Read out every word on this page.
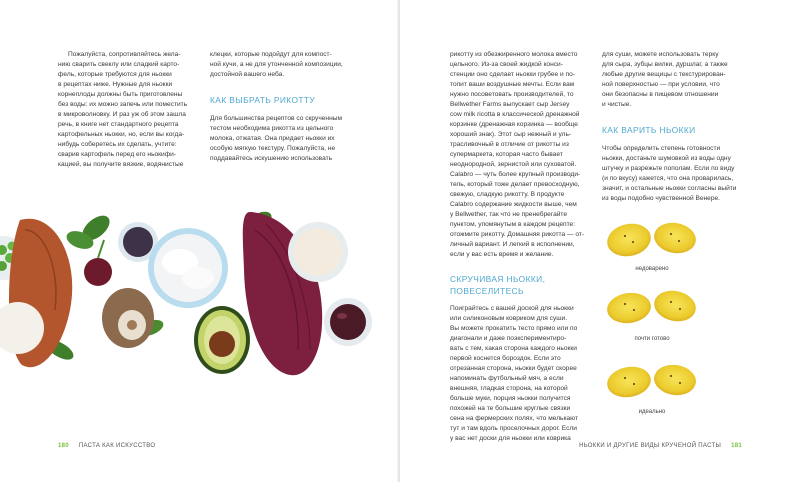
Пожалуйста, сопротивляйтесь жела-

нию сварить свеклу или сладкий карто-

фель, которые требуются для ньокки

в рецептах ниже. Нужные для ньокки

корнеплоды должны быть приготовлены

без воды: их можно запечь или поместить

в микроволновку. И раз уж об этом зашла

речь, в книге нет стандартного рецепта

картофельных ньокки, но, если вы когда-

нибудь соберетесь их сделать, учтите:

сварив картофель перед его ньокифи-

кацией, вы получите вязкие, водянистые

клецки, которые подойдут для компост-

ной кучи, а не для утонченной композиции,

достойной вашего неба.

КАК ВЫБРАТЬ РИКОТТУ

Для большинства рецептов со скрученным

тестом необходима рикотта из цельного

молока, отжатая. Она придает ньокки их

особую мягкую текстуру. Пожалуйста, не

поддавайтесь искушению использовать

180 ПАСТА КАК ИСКУССТВО

рикотту из обезжиренного молока вместо

цельного. Из-за своей жидкой конси-

стенции оно сделает ньокки грубее и по-

топит ваши воздушные мечты. Если вам

нужно посоветовать производителей, то

Bellwether Farms выпускает сыр Jersey

cow milk ricotta в классической дренажной

корзинке (дренажная корзинка — вообще

хороший знак). Этот сыр нежный и уль-

трасливочный в отличие от рикотты из

супермаркета, которая часто бывает

неоднородной, зернистой или суховатой.

Calabro — чуть более крупный производи-

тель, который тоже делает превосходную,

свежую, сладкую рикотту. В продукте

Calabro содержание жидкости выше, чем

у Bellwether, так что не пренебрегайте

пунктом, упомянутым в каждом рецепте:

отожмите рикотту. Домашняя рикотта — от-

личный вариант. И легкий в исполнении,

если у вас есть время и желание.

СКРУЧИВАЯ НЬОККИ,
ПОВЕСЕЛИТЕСЬ

Поиграйтесь с вашей доской для ньокки

или силиконовым ковриком для суши.

Вы можете прокатить тесто прямо или по

диагонали и даже поэкспериментиро-

вать с тем, какая сторона каждого ньокки

первой коснется бороздок. Если это

отрезанная сторона, ньокки будет скорее

напоминать футбольный мяч, а если

внешняя, гладкая сторона, на которой

больше муки, порция ньокки получится

похожей на те большие круглые связки

сена на фермерских полях, что мелькают

тут и там вдоль проселочных дорог. Если

у вас нет доски для ньокки или коврика

для суши, можете использовать терку

для сыра, зубцы вилки, дуршлаг, а также

любые другие вещицы с текстурирован-

ной поверхностью — при условии, что

они безопасны в пищевом отношении

и чистые.

КАК ВАРИТЬ НЬОККИ

Чтобы определить степень готовности

ньокки, достаньте шумовкой из воды одну

штучку и разрежьте пополам. Если по виду

(и по вкусу) кажется, что она проварилась,

значит, и остальные ньокки согласны выйти

из воды подобно чувственной Венере.

недоварено
почти готово
идеально
НЬОККИ И ДРУГИЕ ВИДЫ КРУЧЕНОЙ ПАСТЫ 181
